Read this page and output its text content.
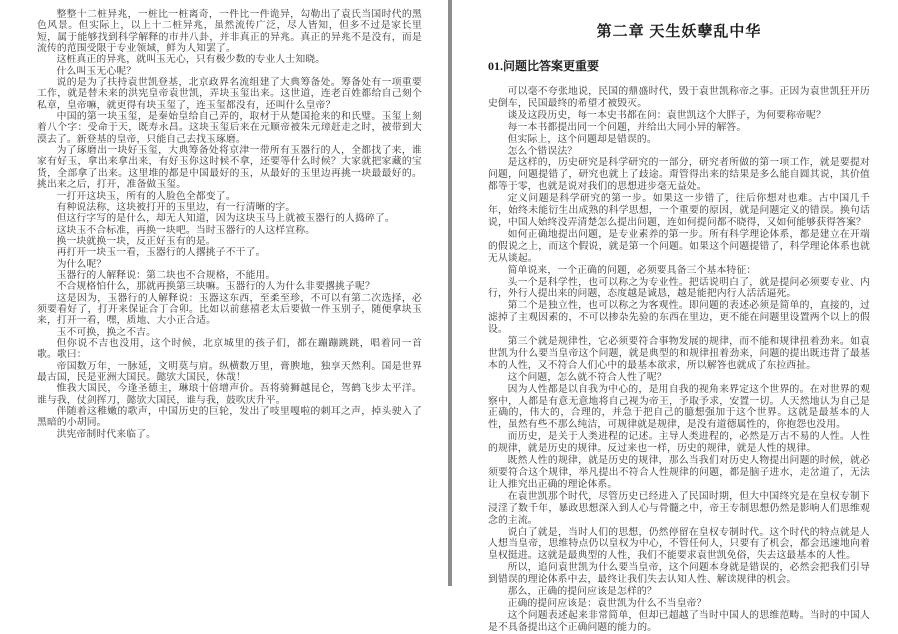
整整十二桩异兆，一桩比一桩离奇，一件比一件诡异，勾勒出了袁氏当国时代的黑色风景。但实际上，以上十二桩异兆，虽然流传广泛，尽人皆知，但多不过是家长里短，属于能够找到科学解释的市井八卦，并非真正的异兆。真正的异兆不是没有，而是流传的范围受限于专业领域，鲜为人知罢了。

这桩真正的异兆，就叫玉无心，只有极少数的专业人士知晓。

什么叫玉无心呢？

说的是为了扶持袁世凯登基，北京政界名流组建了大典筹备处。筹备处有一项重要工作，就是替未来的洪宪皇帝袁世凯，弄块玉玺出来。这世道，连老百姓都给自己刻个私章，皇帝嘛，就更得有块玉玺了，连玉玺都没有，还叫什么皇帝？

中国的第一块玉玺，是秦始皇给自己弄的，取材于从楚国抢来的和氏璧。玉玺上刻着八个字：受命于天，既寿永昌。这块玉玺后来在元顺帝被朱元璋赶走之时，被带到大漠去了。新登基的皇帝，只能自己去找玉琢磨。

为了琢磨出一块好玉玺，大典筹备处将京津一带所有玉器行的人，全都找了来，谁家有好玉，拿出来拿出来，有好玉你这时候不拿，还要等什么时候？大家就把家藏的宝货，全部拿了出来。这里堆的都是中国最好的玉，从最好的玉里边再挑一块最最好的。挑出来之后，打开，准备做玉玺。

一打开这块玉，所有的人脸色全都变了。

有种说法称，这块被打开的玉里边，有一行清晰的字。

但这行字写的是什么，却无人知道，因为这块玉马上就被玉器行的人捣碎了。

这块玉不合标准，再换一块吧。当时玉器行的人这样宣称。

换一块就换一块，反正好玉有的是。

再打开一块玉一看，玉器行的人撂挑子不干了。

为什么呢？

玉器行的人解释说：第二块也不合规格，不能用。

不合规格怕什么，那就再换第三块嘛。玉器行的人为什么非要撂挑子呢？

这是因为，玉器行的人解释说：玉器这东西，至柔至珍，不可以有第二次选择，必须要看好了，打开来保证合丁合卯。比如以前慈禧老太后要做一件玉别子，随便拿块玉来，打开一看，嘿，质地、大小正合适。

玉不可换，换之不吉。

但你说不吉也没用，这个时候，北京城里的孩子们，都在蹦蹦跳跳，唱着同一首歌。歌曰：

帝国数万年，一脉延，文明莫与肩。纵横数万里，膏腴地，独享天然利。国是世界最古国，民是亚洲大国民。懿欤大国民，休哉！

惟我大国民，今逢圣德主，琳琅十倍增声价。吾将骑狮越昆仑，驾鹤飞步太平洋。谁与我，仗剑挥刀，懿欤大国民，谁与我，鼓吹庆升平。

伴随着这稚嫩的歌声，中国历史的巨轮，发出了吱里嘎啦的刺耳之声，掉头驶入了黑暗的小胡同。

洪宪帝制时代来临了。

第二章 天生妖孽乱中华
01.问题比答案更重要

可以毫不夸张地说，民国的鼎盛时代，毁于袁世凯称帝之事。正因为袁世凯狂开历史倒车，民国最终的希望才被毁灭。

谈及这段历史，每一本史书都在问：袁世凯这个大胖子，为何要称帝呢？

每一本书都提出同一个问题，并给出大同小异的解答。

但实际上，这个问题却是错误的。

怎么个错误法？

是这样的，历史研究是科学研究的一部分，研究者所做的第一项工作，就是要提对问题，问题提错了，研究也就上了歧途。甭管得出来的结果是多么能自圆其说，其价值都等于零，也就是说对我们的思想进步毫无益处。

定义问题是科学研究的第一步。如果这一步错了，往后你想对也难。古中国几千年，始终未能衍生出成熟的科学思想，一个重要的原因，就是问题定义的错误。换句话说，中国人始终没弄清楚怎么提出问题，连如何提问都不晓得，又如何能够获得答案？

如何正确地提出问题，是专业素养的第一步。所有科学理论体系，都是建立在开端的假说之上，而这个假说，就是第一个问题。如果这个问题提错了，科学理论体系也就无从谈起。

简单说来，一个正确的问题，必须要具备三个基本特征：

头一个是科学性，也可以称之为专业性。把话说明白了，就是提问必须要专业、内行，外行人提出来的问题，态度越是诚恳，越是能把内行人活活逼死。

第二个是独立性，也可以称之为客观性。即问题的表述必须是简单的，直接的，过滤掉了主观因素的，不可以掺杂先验的东西在里边，更不能在问题里设置两个以上的假设。

第三个就是规律性，它必须要符合事物发展的规律，而不能和规律扭着劲来。如袁世凯为什么要当皇帝这个问题，就是典型的和规律扭着劲来，问题的提出既违背了最基本的人性，又不符合人们心中的最基本欲求，所以解答也就成了东拉西扯。

这个问题，怎么就不符合人性了呢？

因为人性都是以自我为中心的，是用自我的视角来界定这个世界的。在对世界的观察中，人都是有意无意地将自己视为帝王，予取予求，安置一切。人天然地认为自己是正确的，伟大的，合理的，并急于把自己的臆想强加于这个世界。这就是最基本的人性，虽然有些不那么纯洁，可规律就是规律，是没有道德属性的，你抱怨也没用。

而历史，是关于人类进程的记述。主导人类进程的，必然是万古不易的人性。人性的规律，就是历史的规律。反过来也一样，历史的规律，就是人性的规律。

既然人性的规律，就是历史的规律，那么当我们对历史人物提出问题的时候，就必须要符合这个规律，举凡提出不符合人性规律的问题，都是脑子进水，走岔道了，无法让人推究出正确的理论体系。

在袁世凯那个时代，尽管历史已经进入了民国时期，但大中国终究是在皇权专制下浸淫了数千年，暴政思想深入到人心与骨髓之中，帝王专制思想仍然是影响人们思维观念的主流。

说白了就是，当时人们的思想，仍然停留在皇权专制时代。这个时代的特点就是人人想当皇帝，思维特点仍以皇权为中心，不管任何人，只要有了机会，都会迅速地向着皇权挺进。这就是最典型的人性，我们不能要求袁世凯免俗，失去这最基本的人性。

所以，追问袁世凯为什么要当皇帝，这个问题本身就是错误的，必然会把我们引导到错误的理论体系中去，最终让我们失去认知人性、解读规律的机会。

那么，正确的提问应该是怎样的？

正确的提问应该是：袁世凯为什么不当皇帝？

这个问题表述起来非常简单，但却已超越了当时中国人的思维范畴。当时的中国人是不具备提出这个正确问题的能力的。
